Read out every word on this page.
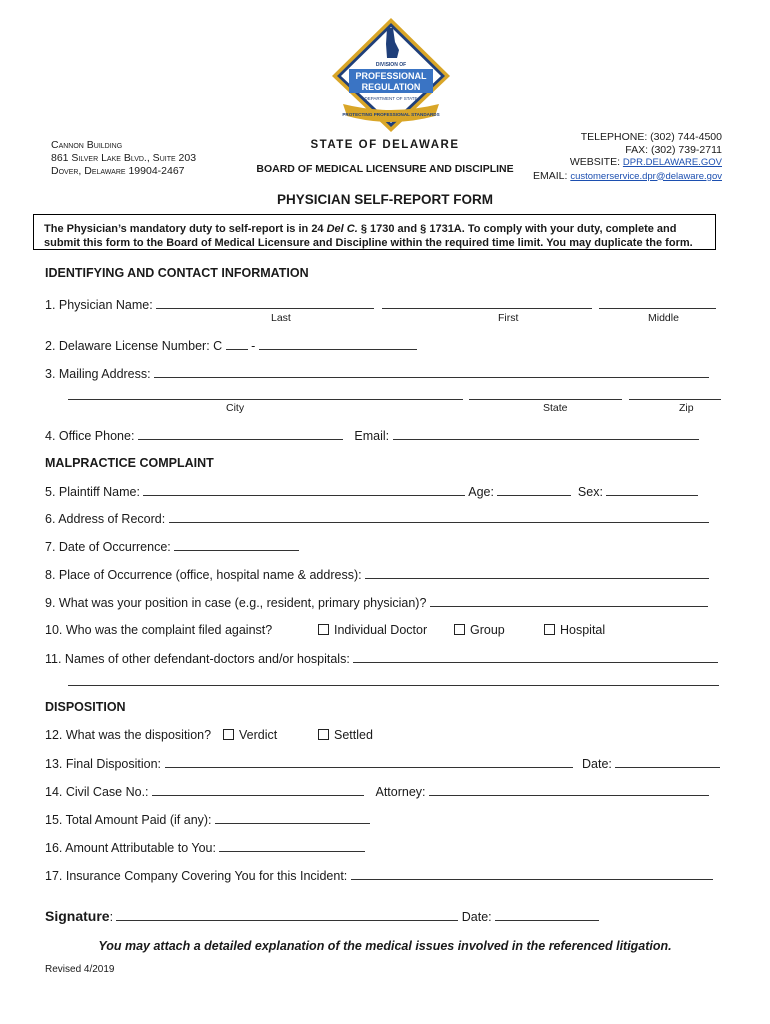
DIVISION OF
PROFESSIONAL
REGULATION
DEPARTMENT OF STATE
PROTECTING PROFESSIONAL STANDARDS
Cannon Building
861 Silver Lake Blvd., Suite 203
Dover, Delaware 19904-2467
STATE OF DELAWARE
BOARD OF MEDICAL LICENSURE AND DISCIPLINE
TELEPHONE: (302) 744-4500
FAX: (302) 739-2711
WEBSITE: DPR.DELAWARE.GOV
EMAIL: customerservice.dpr@delaware.gov
PHYSICIAN SELF-REPORT FORM
The Physician’s mandatory duty to self-report is in 24 Del C. § 1730 and § 1731A. To comply with your duty, complete and
submit this form to the Board of Medical Licensure and Discipline within the required time limit. You may duplicate the form.
IDENTIFYING AND CONTACT INFORMATION
1. Physician Name:
Last	First	Middle
2. Delaware License Number: C -
3. Mailing Address:

City	State	Zip
4. Office Phone:	Email:
MALPRACTICE COMPLAINT
5. Plaintiff Name:	Age:	Sex:
6. Address of Record:
7. Date of Occurrence:
8. Place of Occurrence (office, hospital name & address):
9. What was your position in case (e.g., resident, primary physician)?
10. Who was the complaint filed against?	Individual Doctor	Group	Hospital
11. Names of other defendant-doctors and/or hospitals:
DISPOSITION
12. What was the disposition?	Verdict	Settled
13. Final Disposition:	Date:
14. Civil Case No.:	Attorney:
15. Total Amount Paid (if any):
16. Amount Attributable to You:
17. Insurance Company Covering You for this Incident:
Signature:	Date:
You may attach a detailed explanation of the medical issues involved in the referenced litigation.
Revised 4/2019
